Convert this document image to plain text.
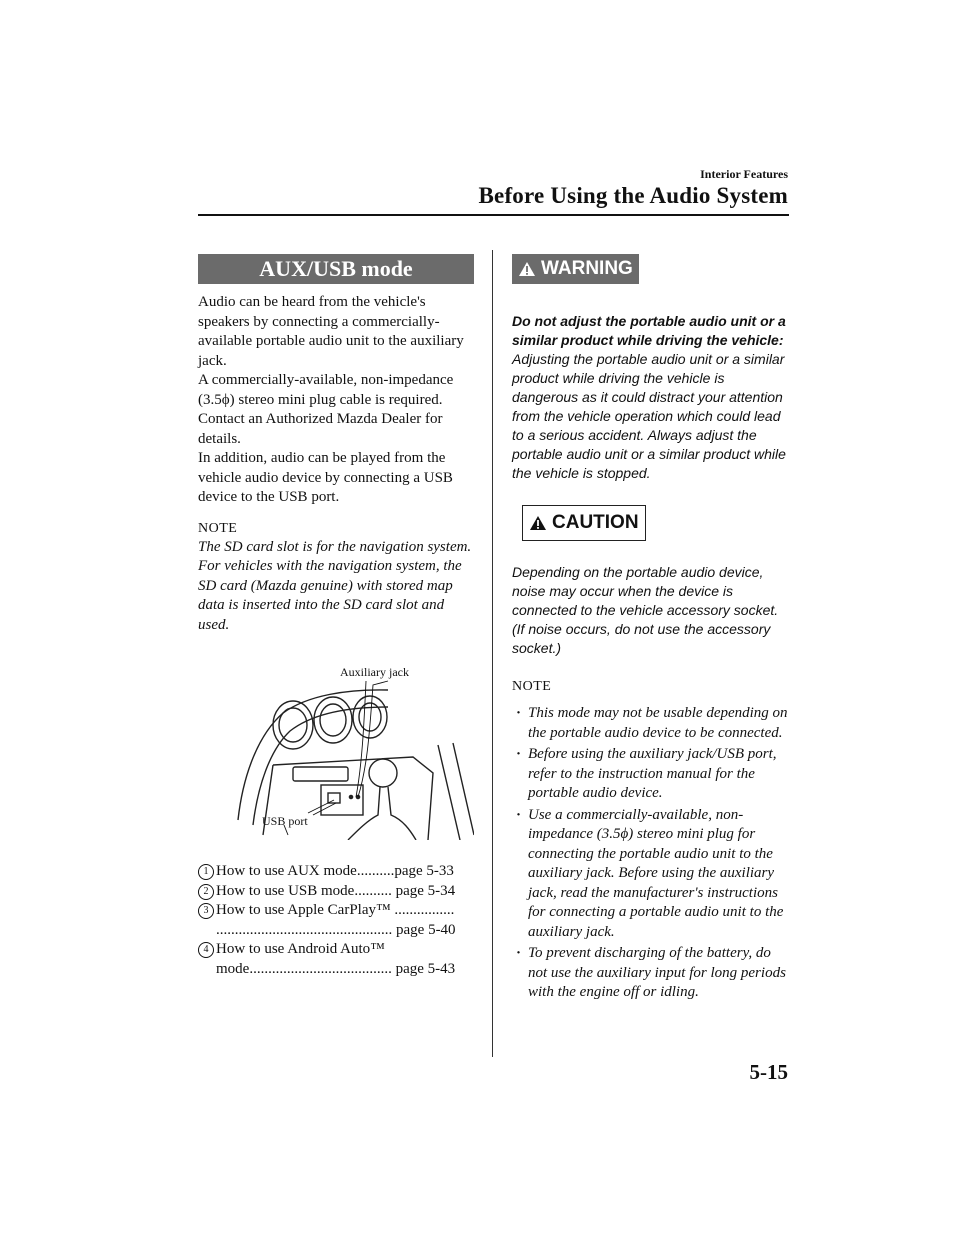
Interior Features
Before Using the Audio System
AUX/USB mode

Audio can be heard from the vehicle's speakers by connecting a commercially-available portable audio unit to the auxiliary jack.

A commercially-available, non-impedance (3.5ϕ) stereo mini plug cable is required. Contact an Authorized Mazda Dealer for details.

In addition, audio can be played from the vehicle audio device by connecting a USB device to the USB port.

NOTE
The SD card slot is for the navigation system. For vehicles with the navigation system, the SD card (Mazda genuine) with stored map data is inserted into the SD card slot and used.
Auxiliary jack
USB port
1 How to use AUX mode..........page 5-33
2 How to use USB mode.......... page 5-34
3 How to use Apple CarPlay™ ................
............................................... page 5-40
4 How to use Android Auto™
mode...................................... page 5-43
WARNING
Do not adjust the portable audio unit or a similar product while driving the vehicle: Adjusting the portable audio unit or a similar product while driving the vehicle is dangerous as it could distract your attention from the vehicle operation which could lead to a serious accident. Always adjust the portable audio unit or a similar product while the vehicle is stopped.
CAUTION
Depending on the portable audio device, noise may occur when the device is connected to the vehicle accessory socket. (If noise occurs, do not use the accessory socket.)
NOTE
· This mode may not be usable depending on the portable audio device to be connected.
· Before using the auxiliary jack/USB port, refer to the instruction manual for the portable audio device.
· Use a commercially-available, non-impedance (3.5ϕ) stereo mini plug for connecting the portable audio unit to the auxiliary jack. Before using the auxiliary jack, read the manufacturer's instructions for connecting a portable audio unit to the auxiliary jack.
· To prevent discharging of the battery, do not use the auxiliary input for long periods with the engine off or idling.
5-15
